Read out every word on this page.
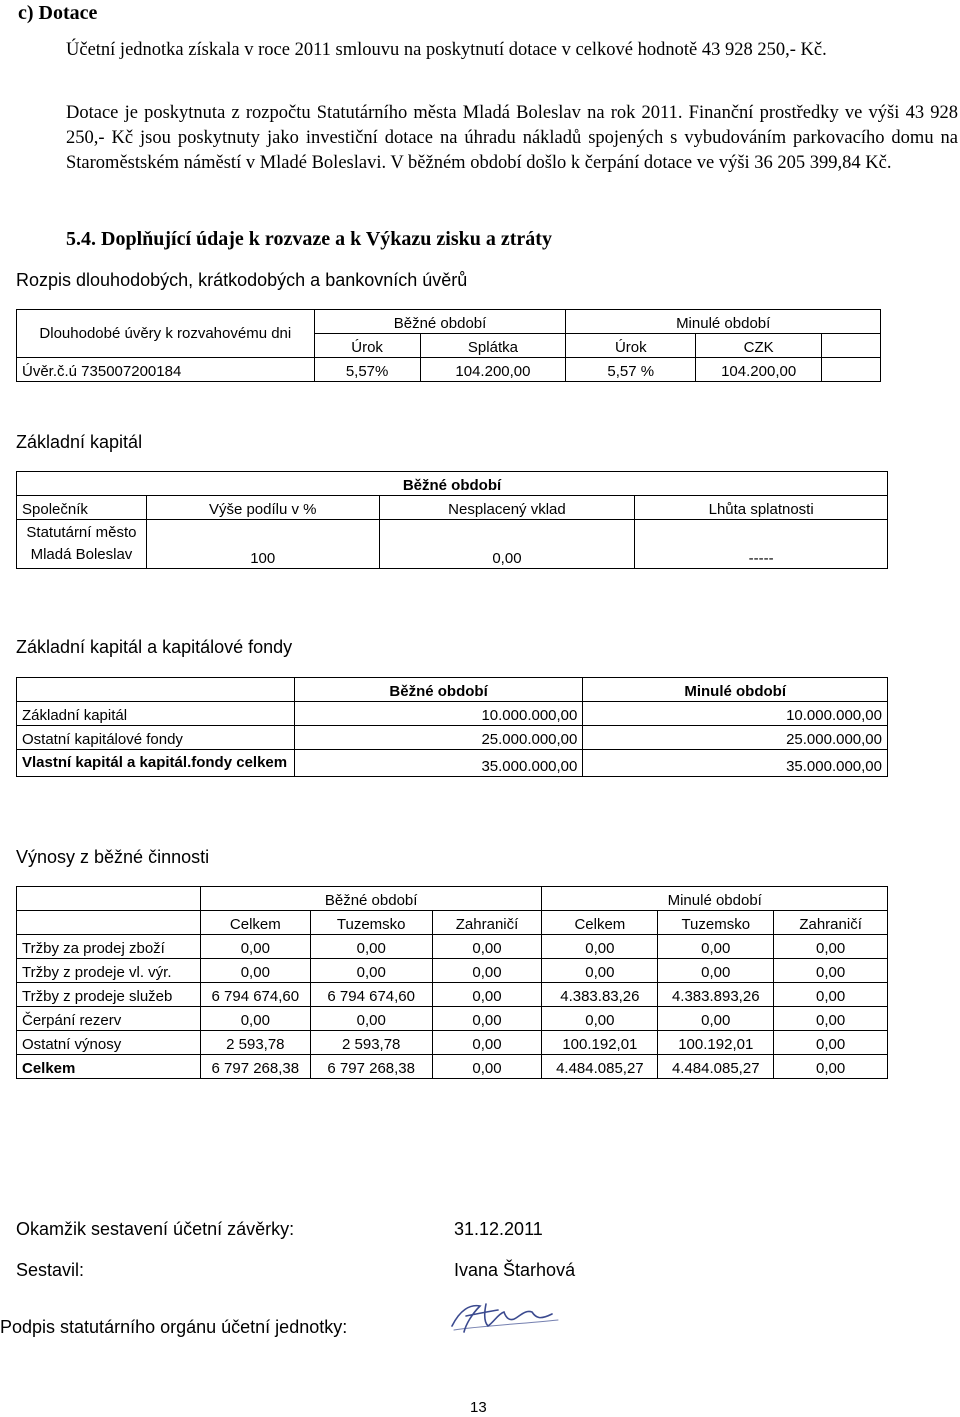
c) Dotace
Účetní jednotka získala v roce 2011 smlouvu na poskytnutí dotace v celkové hodnotě 43 928 250,- Kč.
Dotace je poskytnuta z rozpočtu Statutárního města Mladá Boleslav na rok 2011. Finanční prostředky ve výši 43 928 250,- Kč jsou poskytnuty jako investiční dotace na úhradu nákladů spojených s vybudováním parkovacího domu na Staroměstském náměstí v Mladé Boleslavi. V běžném období došlo k čerpání dotace ve výši 36 205 399,84 Kč.
5.4. Doplňující údaje k rozvaze a k Výkazu zisku a ztráty
Rozpis dlouhodobých, krátkodobých a bankovních úvěrů
Dlouhodobé úvěry k rozvahovému dni	Běžné období		Minulé období		
	Úrok	Splátka	Úrok	CZK	
Úvěr.č.ú 735007200184	5,57%	104.200,00	5,57 %	104.200,00	
Základní kapitál
Běžné období			
Společník	Výše podílu v %	Nesplacený vklad	Lhůta splatnosti
Statutární město Mladá Boleslav	100	0,00	-----
Základní kapitál a kapitálové fondy
	Běžné období	Minulé období
Základní kapitál	10.000.000,00	10.000.000,00
Ostatní kapitálové fondy	25.000.000,00	25.000.000,00
Vlastní kapitál a kapitál.fondy celkem	35.000.000,00	35.000.000,00
Výnosy z běžné činnosti
	Běžné období			Minulé období		
	Celkem	Tuzemsko	Zahraničí	Celkem	Tuzemsko	Zahraničí
Tržby za prodej zboží	0,00	0,00	0,00	0,00	0,00	0,00
Tržby z prodeje vl. výr.	0,00	0,00	0,00	0,00	0,00	0,00
Tržby z prodeje služeb	6 794 674,60	6 794 674,60	0,00	4.383.83,26	4.383.893,26	0,00
Čerpání rezerv	0,00	0,00	0,00	0,00	0,00	0,00
Ostatní výnosy	2 593,78	2 593,78	0,00	100.192,01	100.192,01	0,00
Celkem	6 797 268,38	6 797 268,38	0,00	4.484.085,27	4.484.085,27	0,00
Okamžik sestavení účetní závěrky:	31.12.2011
Sestavil:	Ivana Štarhová
Podpis statutárního orgánu účetní jednotky:
13
